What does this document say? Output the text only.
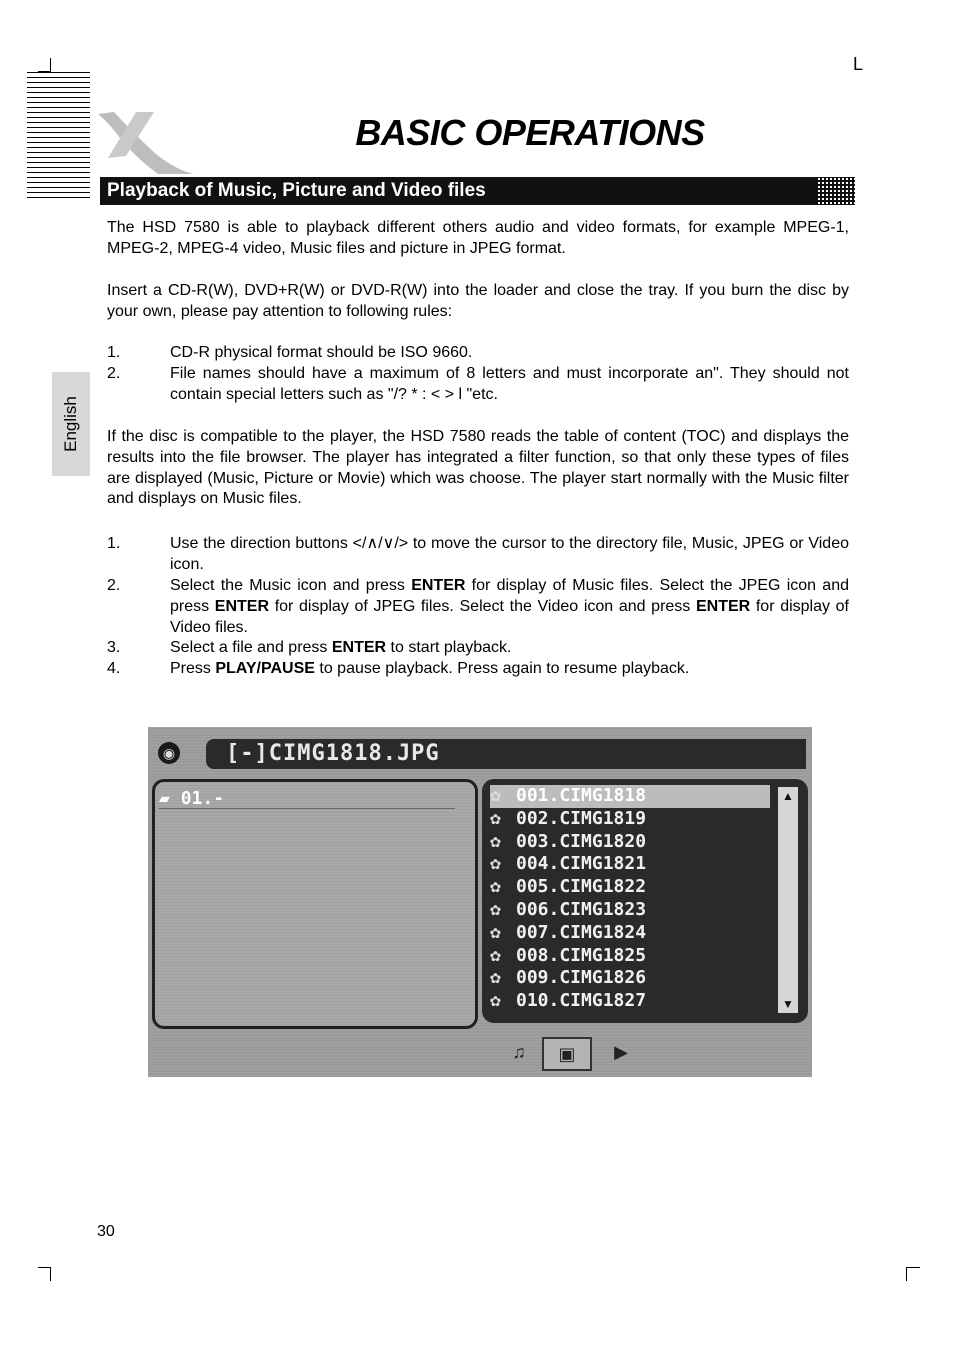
L
BASIC OPERATIONS
Playback of Music, Picture and Video files
English
The HSD 7580 is able to playback different others audio and video formats, for example MPEG-1, MPEG-2, MPEG-4 video, Music files and picture in JPEG format.
Insert a CD-R(W), DVD+R(W) or DVD-R(W) into the loader and close the tray. If you burn the disc by your own, please pay attention to following rules:
1.	CD-R physical format should be ISO 9660.
2.	File names should have a maximum of 8 letters and must incorporate an". They should not contain special letters such as "/? * : < > l "etc.
If the disc is compatible to the player, the HSD 7580 reads the table of content (TOC) and displays the results into the file browser. The player has integrated a filter function, so that only these types of files are displayed (Music, Picture or Movie) which was choose. The player start normally with the Music filter and displays on Music files.
1.	Use the direction buttons </∧/∨/> to move the cursor to the directory file, Music, JPEG or Video icon.
2.	Select the Music icon and press ENTER for display of Music files. Select the JPEG icon and press ENTER for display of JPEG files. Select the Video icon and press ENTER for display of Video files.
3.	Select a file and press ENTER to start playback.
4.	Press PLAY/PAUSE to pause playback. Press again to resume playback.
◉ [-]CIMG1818.JPG
▰ 01.-	✿ 001.CIMG1818
✿ 002.CIMG1819
✿ 003.CIMG1820
✿ 004.CIMG1821
✿ 005.CIMG1822
✿ 006.CIMG1823
✿ 007.CIMG1824
✿ 008.CIMG1825
✿ 009.CIMG1826
✿ 010.CIMG1827
▲
▼
♫	▣	▶
30
